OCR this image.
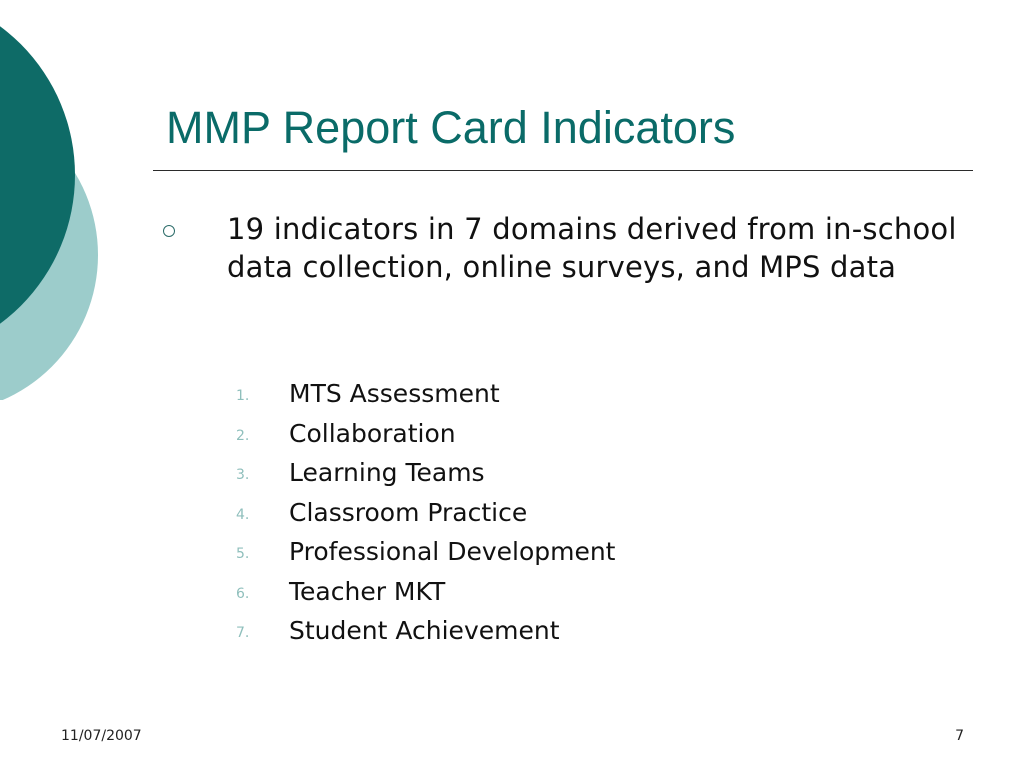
MMP Report Card Indicators
19 indicators in 7 domains derived from in-school data collection, online surveys, and MPS data
1. MTS Assessment
2. Collaboration
3. Learning Teams
4. Classroom Practice
5. Professional Development
6. Teacher MKT
7. Student Achievement
11/07/2007	7
